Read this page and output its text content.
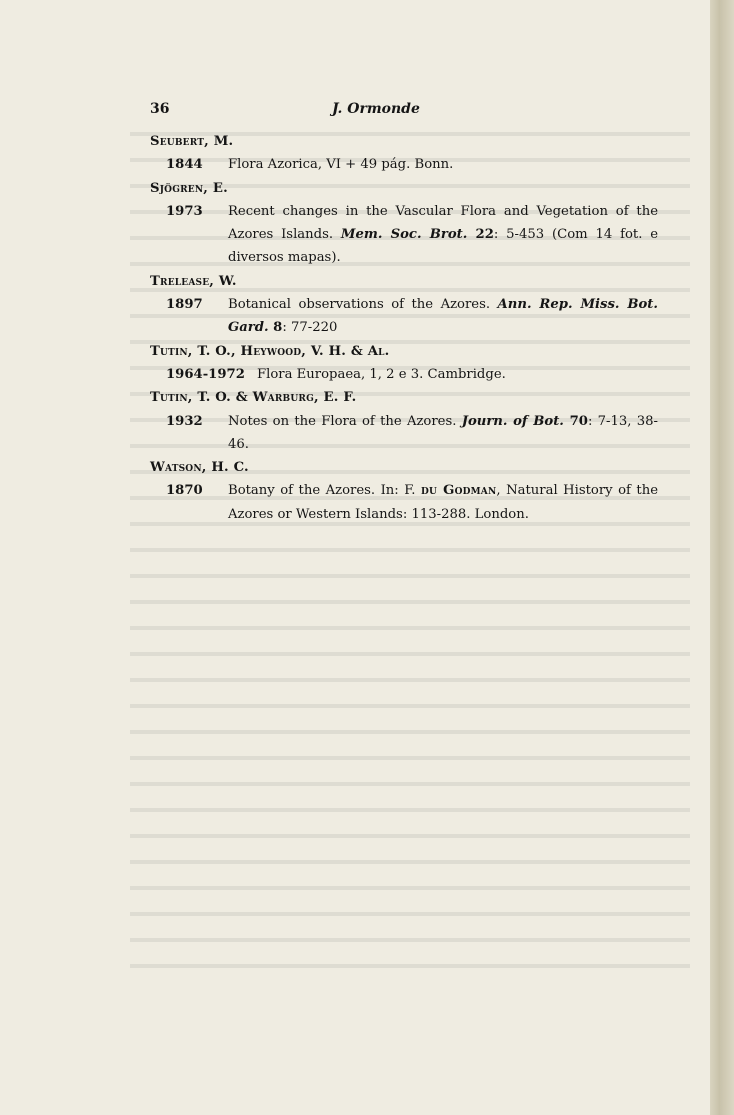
36	J. Ormonde
Seubert, M.
1844	Flora Azorica, VI + 49 pág. Bonn.
Sjögren, E.
1973	Recent changes in the Vascular Flora and Vegetation of the Azores Islands. Mem. Soc. Brot. 22: 5-453 (Com 14 fot. e diversos mapas).
Trelease, W.
1897	Botanical observations of the Azores. Ann. Rep. Miss. Bot. Gard. 8: 77-220
Tutin, T. O., Heywood, V. H. & Al.
1964-1972 Flora Europaea, 1, 2 e 3. Cambridge.
Tutin, T. O. & Warburg, E. F.
1932	Notes on the Flora of the Azores. Journ. of Bot. 70: 7-13, 38-46.
Watson, H. C.
1870	Botany of the Azores. In: F. du Godman, Natural History of the Azores or Western Islands: 113-288. London.
